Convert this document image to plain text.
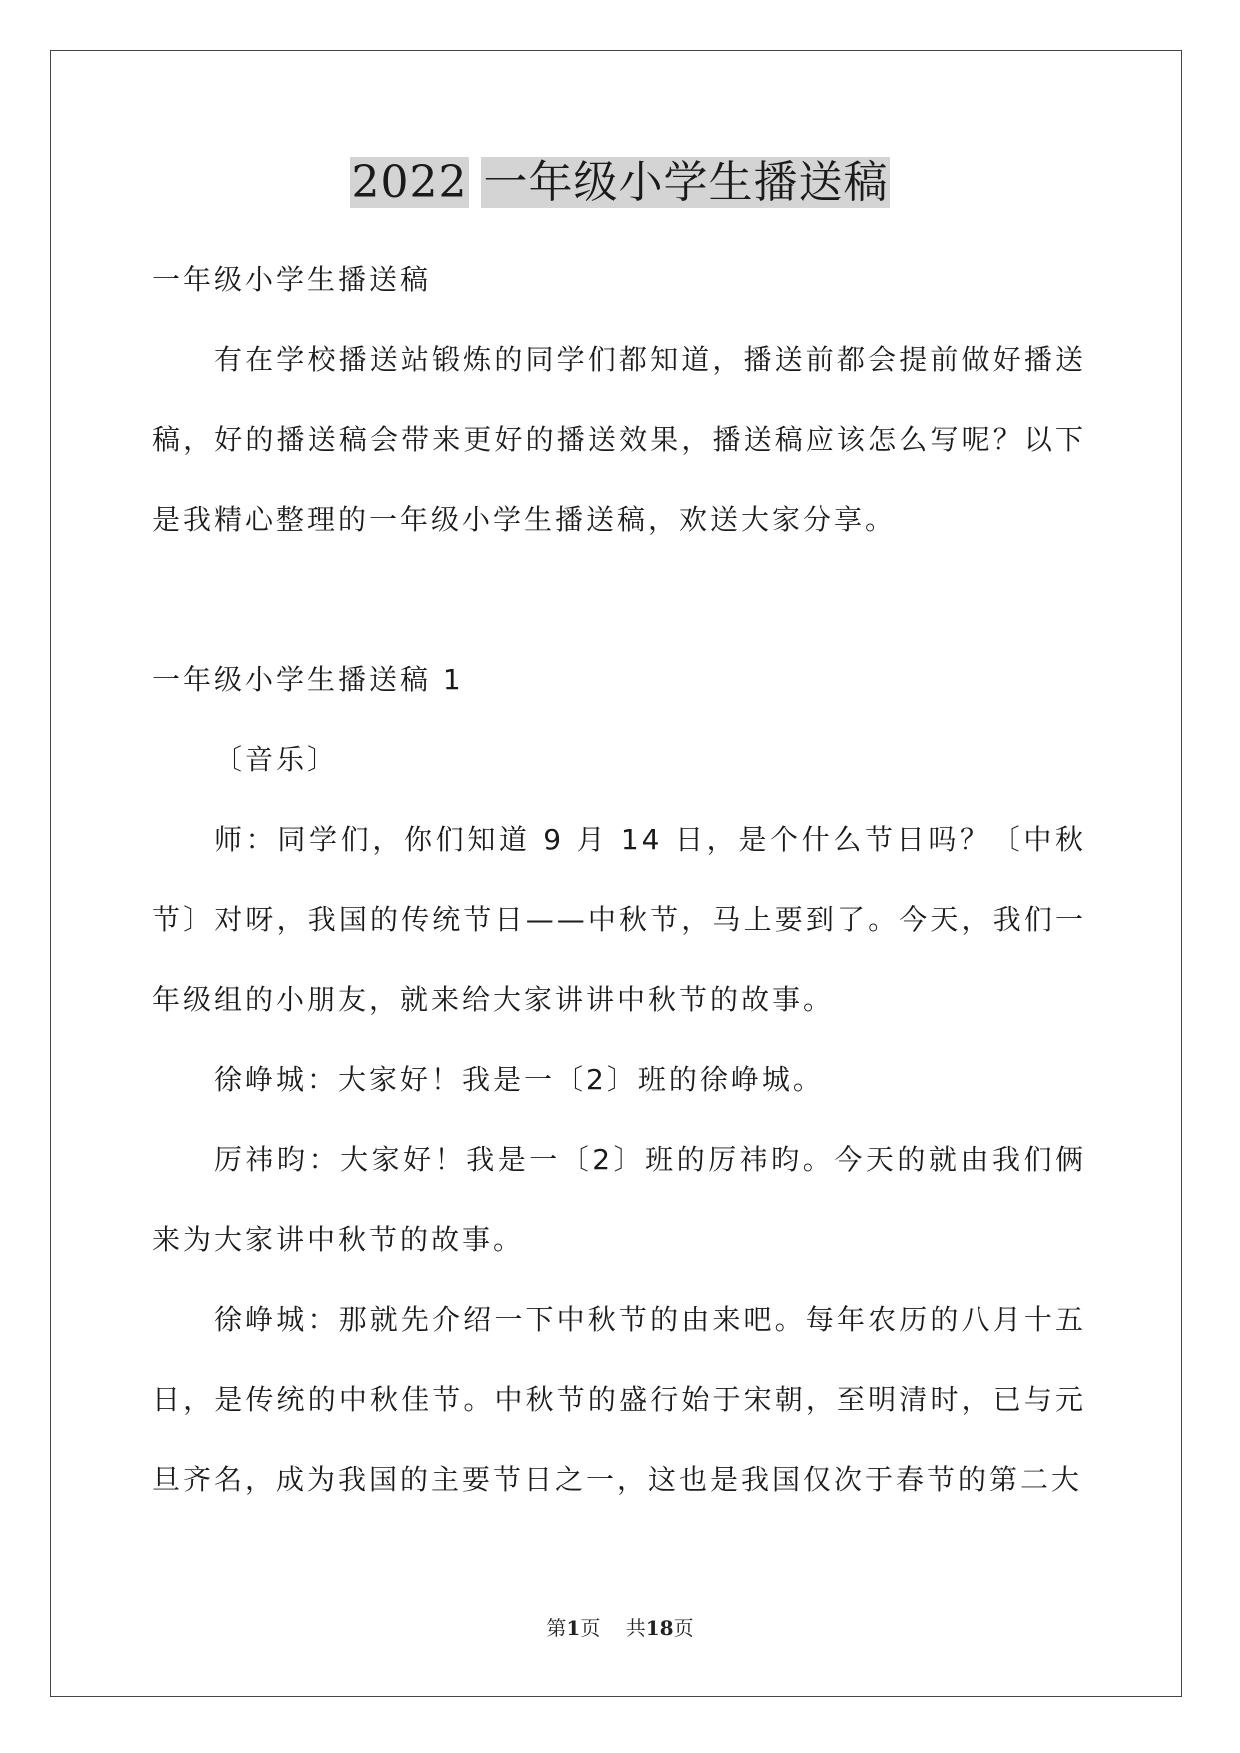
2022 一年级小学生播送稿

一年级小学生播送稿

有在学校播送站锻炼的同学们都知道，播送前都会提前做好播送稿，好的播送稿会带来更好的播送效果，播送稿应该怎么写呢？以下是我精心整理的一年级小学生播送稿，欢送大家分享。

一年级小学生播送稿 1

〔音乐〕

师：同学们，你们知道 9 月 14 日，是个什么节日吗？〔中秋节〕对呀，我国的传统节日——中秋节，马上要到了。今天，我们一年级组的小朋友，就来给大家讲讲中秋节的故事。

徐峥城：大家好！我是一〔2〕班的徐峥城。

厉祎昀：大家好！我是一〔2〕班的厉祎昀。今天的就由我们俩来为大家讲中秋节的故事。

徐峥城：那就先介绍一下中秋节的由来吧。每年农历的八月十五日，是传统的中秋佳节。中秋节的盛行始于宋朝，至明清时，已与元旦齐名，成为我国的主要节日之一，这也是我国仅次于春节的第二大

第1页 共18页
